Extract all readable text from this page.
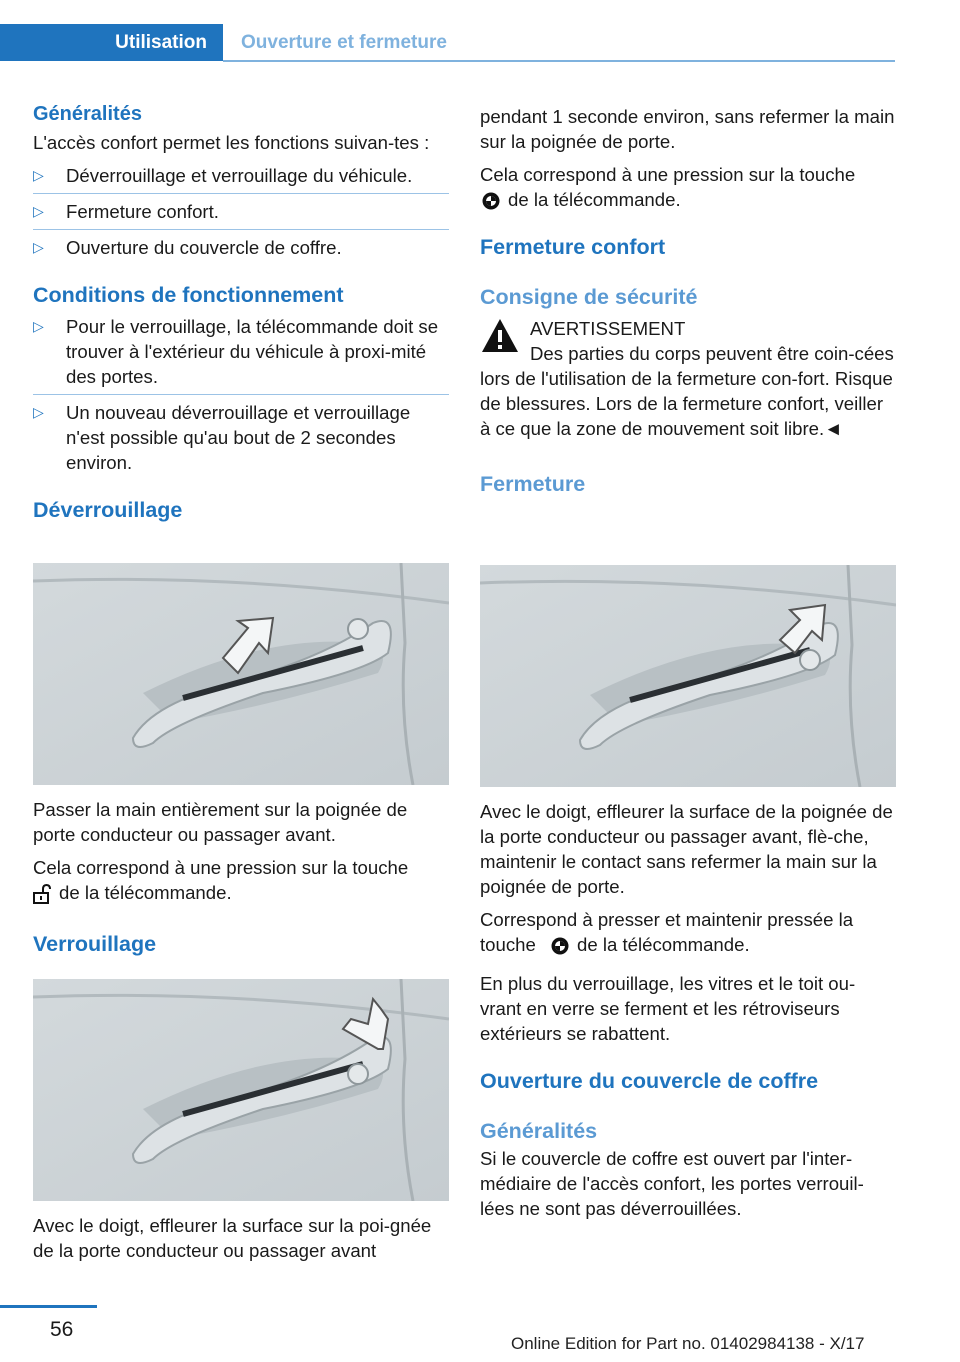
Utilisation	Ouverture et fermeture
Généralités

L'accès confort permet les fonctions suivan-tes :

▷ Déverrouillage et verrouillage du véhicule.
▷ Fermeture confort.
▷ Ouverture du couvercle de coffre.
Conditions de fonctionnement
▷ Pour le verrouillage, la télécommande doit se trouver à l'extérieur du véhicule à proxi-mité des portes.
▷ Un nouveau déverrouillage et verrouillage n'est possible qu'au bout de 2 secondes environ.
Déverrouillage

Passer la main entièrement sur la poignée de porte conducteur ou passager avant.

Cela correspond à une pression sur la touche
de la télécommande.

Verrouillage

Avec le doigt, effleurer la surface sur la poi-gnée de la porte conducteur ou passager avant

pendant 1 seconde environ, sans refermer la main sur la poignée de porte.

Cela correspond à une pression sur la touche
de la télécommande.

Fermeture confort
Consigne de sécurité
AVERTISSEMENT
Des parties du corps peuvent être coin-cées lors de l'utilisation de la fermeture con-fort. Risque de blessures. Lors de la fermeture confort, veiller à ce que la zone de mouvement soit libre.◄
Fermeture

Avec le doigt, effleurer la surface de la poignée de la porte conducteur ou passager avant, flè-che, maintenir le contact sans refermer la main sur la poignée de porte.

Correspond à presser et maintenir pressée la touche de la télécommande.

En plus du verrouillage, les vitres et le toit ou-vrant en verre se ferment et les rétroviseurs extérieurs se rabattent.

Ouverture du couvercle de coffre
Généralités

Si le couvercle de coffre est ouvert par l'inter-médiaire de l'accès confort, les portes verrouil-lées ne sont pas déverrouillées.

56
Online Edition for Part no. 01402984138 - X/17
